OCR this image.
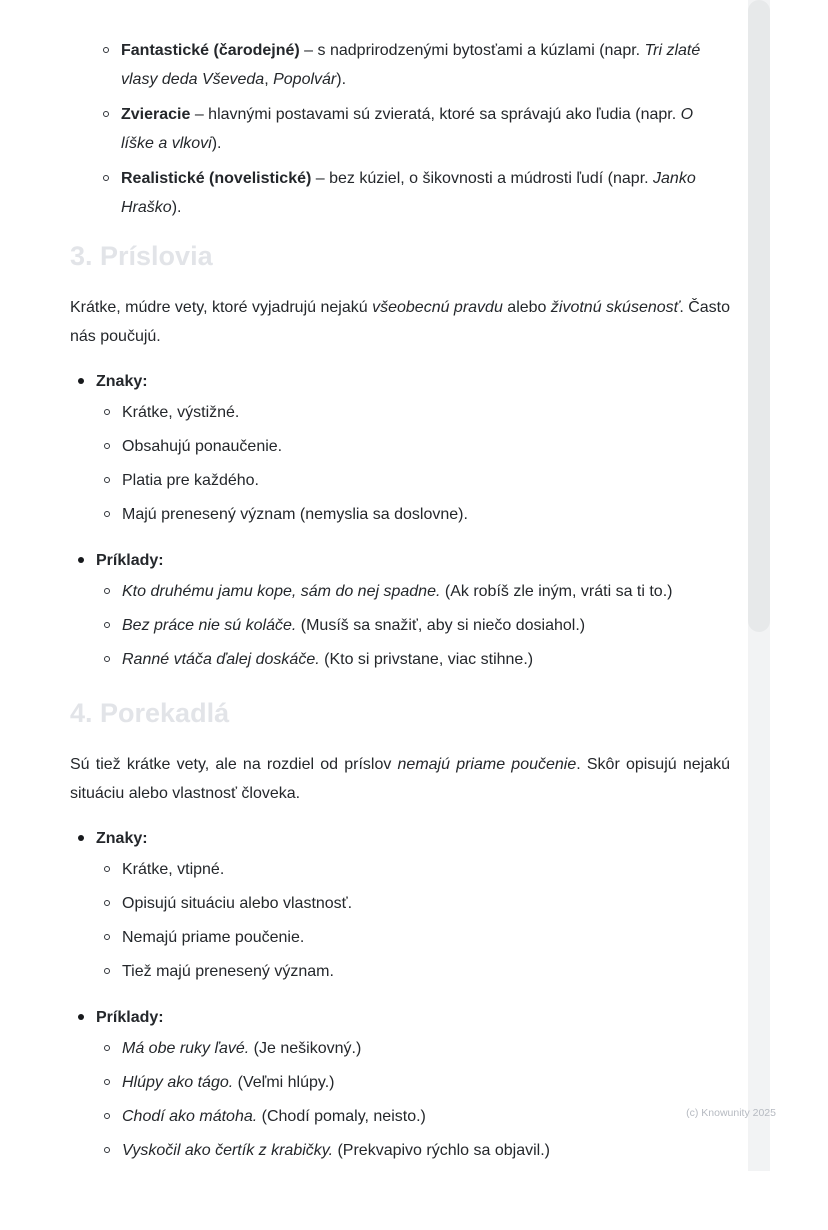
Fantastické (čarodejné) – s nadprirodzenými bytosťami a kúzlami (napr. Tri zlaté vlasy deda Vševeda, Popolvár).
Zvieracie – hlavnými postavami sú zvieratá, ktoré sa správajú ako ľudia (napr. O líške a vlkovi).
Realistické (novelistické) – bez kúziel, o šikovnosti a múdrosti ľudí (napr. Janko Hraško).
3. Príslovia

Krátke, múdre vety, ktoré vyjadrujú nejakú všeobecnú pravdu alebo životnú skúsenosť. Často nás poučujú.

Znaky:
Krátke, výstižné.
Obsahujú ponaučenie.
Platia pre každého.
Majú prenesený význam (nemyslia sa doslovne).
Príklady:
Kto druhému jamu kope, sám do nej spadne. (Ak robíš zle iným, vráti sa ti to.)
Bez práce nie sú koláče. (Musíš sa snažiť, aby si niečo dosiahol.)
Ranné vtáča ďalej doskáče. (Kto si privstane, viac stihne.)
4. Porekadlá

Sú tiež krátke vety, ale na rozdiel od príslov nemajú priame poučenie. Skôr opisujú nejakú situáciu alebo vlastnosť človeka.

Znaky:
Krátke, vtipné.
Opisujú situáciu alebo vlastnosť.
Nemajú priame poučenie.
Tiež majú prenesený význam.
Príklady:
Má obe ruky ľavé. (Je nešikovný.)
Hlúpy ako tágo. (Veľmi hlúpy.)
Chodí ako mátoha. (Chodí pomaly, neisto.)
Vyskočil ako čertík z krabičky. (Prekvapivo rýchlo sa objavil.)
(c) Knowunity 2025
